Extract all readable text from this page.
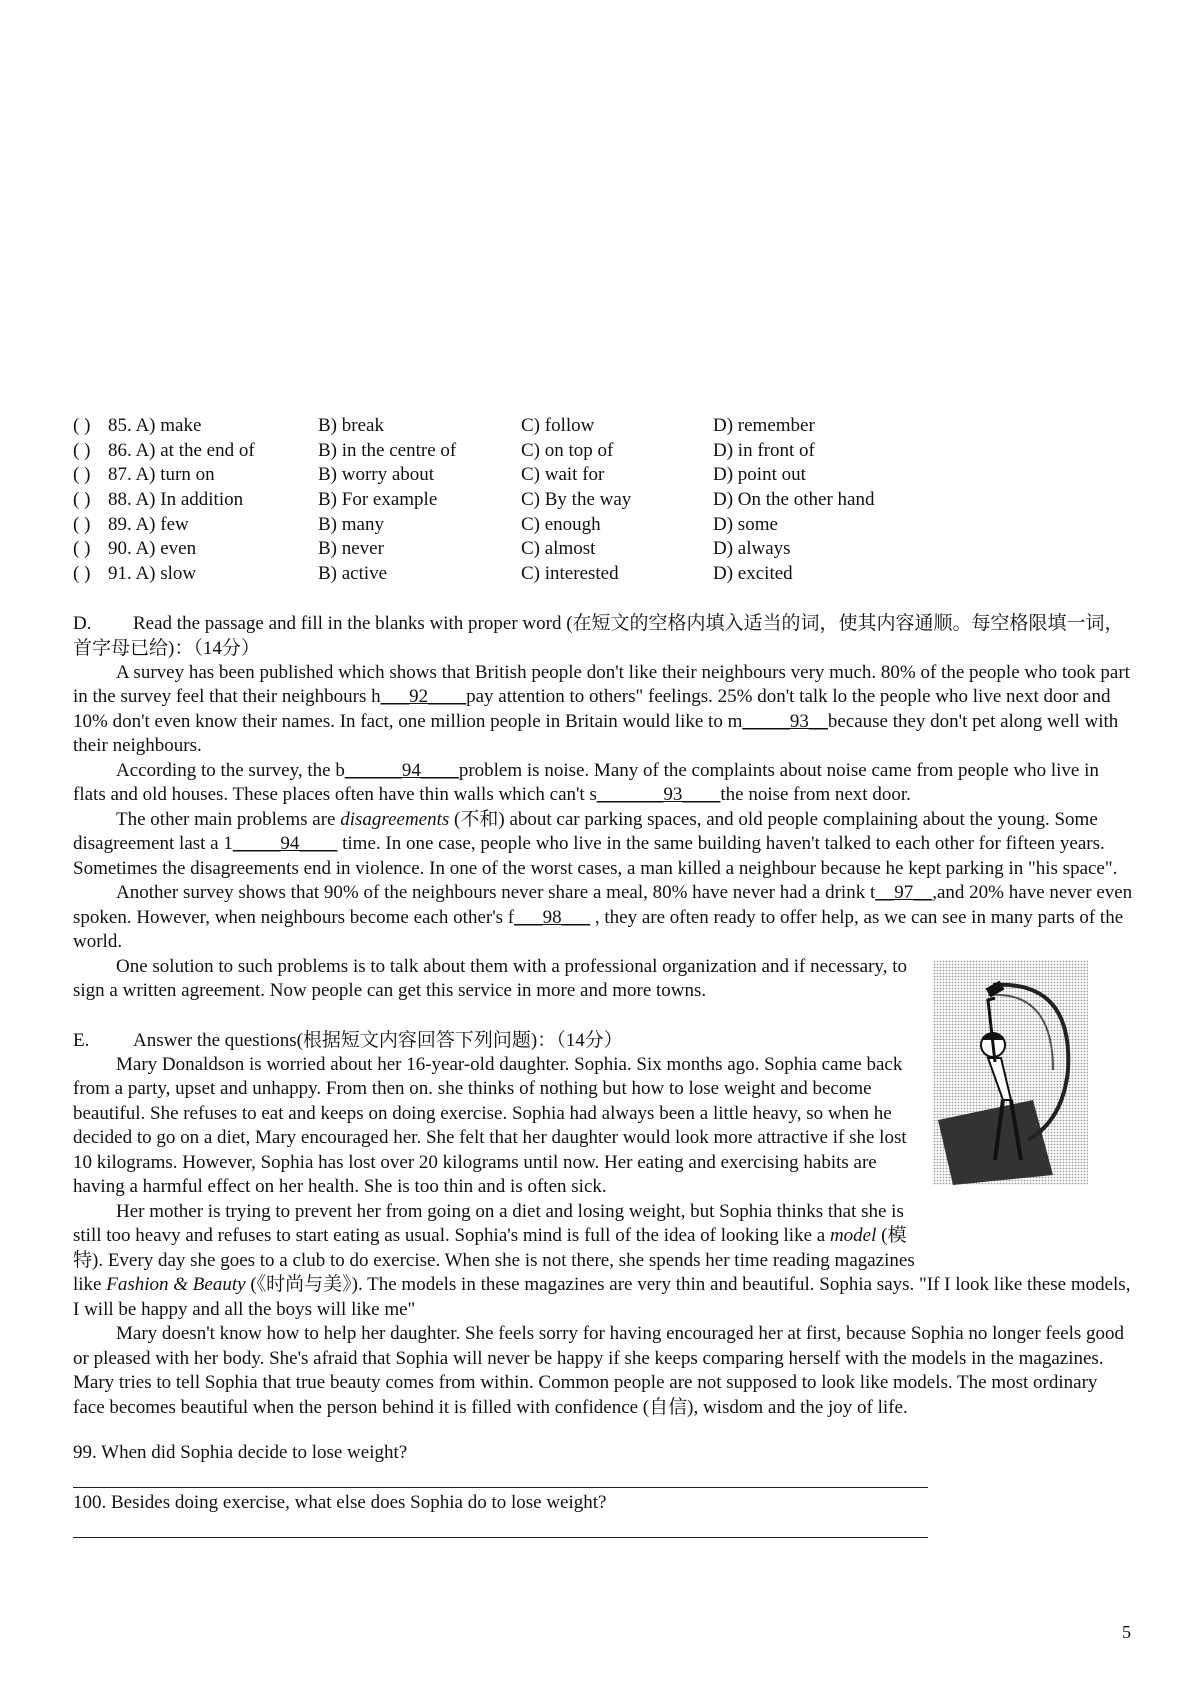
( ) 85. A) make	B) break	C) follow	D) remember
( ) 86. A) at the end of	B) in the centre of	C) on top of	D) in front of
( ) 87. A) turn on	B) worry about	C) wait for	D) point out
( ) 88. A) In addition	B) For example	C) By the way	D) On the other hand
( ) 89. A) few	B) many	C) enough	D) some
( ) 90. A) even	B) never	C) almost	D) always
( ) 91. A) slow	B) active	C) interested	D) excited
D. Read the passage and fill in the blanks with proper word (在短文的空格内填入适当的词，使其内容通顺。每空格限填一词，首字母已给)：（14分）

A survey has been published which shows that British people don't like their neighbours very much. 80% of the people who took part in the survey feel that their neighbours h___92____pay attention to others" feelings. 25% don't talk lo the people who live next door and 10% don't even know their names. In fact, one million people in Britain would like to m_____93__because they don't pet along well with their neighbours.

According to the survey, the b______94____problem is noise. Many of the complaints about noise came from people who live in flats and old houses. These places often have thin walls which can't s_______93____the noise from next door.

The other main problems are disagreements (不和) about car parking spaces, and old people complaining about the young. Some disagreement last a 1_____94____ time. In one case, people who live in the same building haven't talked to each other for fifteen years. Sometimes the disagreements end in violence. In one of the worst cases, a man killed a neighbour because he kept parking in "his space".

Another survey shows that 90% of the neighbours never share a meal, 80% have never had a drink t__97__,and 20% have never even spoken. However, when neighbours become each other's f___98___ , they are often ready to offer help, as we can see in many parts of the world.

One solution to such problems is to talk about them with a professional organization and if necessary, to sign a written agreement. Now people can get this service in more and more towns.

E. Answer the questions(根据短文内容回答下列问题)：（14分）

Mary Donaldson is worried about her 16-year-old daughter. Sophia. Six months ago. Sophia came back from a party, upset and unhappy. From then on. she thinks of nothing but how to lose weight and become beautiful. She refuses to eat and keeps on doing exercise. Sophia had always been a little heavy, so when he decided to go on a diet, Mary encouraged her. She felt that her daughter would look more attractive if she lost 10 kilograms. However, Sophia has lost over 20 kilograms until now. Her eating and exercising habits are having a harmful effect on her health. She is too thin and is often sick.

Her mother is trying to prevent her from going on a diet and losing weight, but Sophia thinks that she is still too heavy and refuses to start eating as usual. Sophia's mind is full of the idea of looking like a model (模特). Every day she goes to a club to do exercise. When she is not there, she spends her time reading magazines like Fashion & Beauty (《时尚与美》). The models in these magazines are very thin and beautiful. Sophia says. "If I look like these models, I will be happy and all the boys will like me"

Mary doesn't know how to help her daughter. She feels sorry for having encouraged her at first, because Sophia no longer feels good or pleased with her body. She's afraid that Sophia will never be happy if she keeps comparing herself with the models in the magazines. Mary tries to tell Sophia that true beauty comes from within. Common people are not supposed to look like models. The most ordinary face becomes beautiful when the person behind it is filled with confidence (自信), wisdom and the joy of life.

99. When did Sophia decide to lose weight?
100. Besides doing exercise, what else does Sophia do to lose weight?
5
